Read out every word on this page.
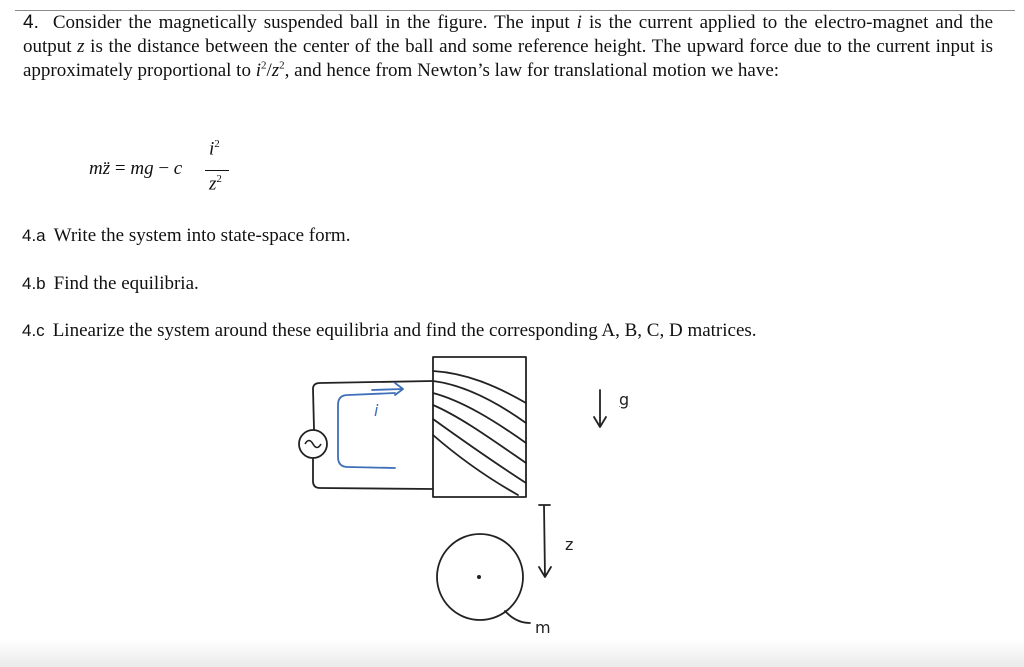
4. Consider the magnetically suspended ball in the figure. The input i is the current applied to the electro-magnet and the output z is the distance between the center of the ball and some reference height. The upward force due to the current input is approximately proportional to $i^2/z^2$, and hence from Newton’s law for translational motion we have:

mz̈ = mg − c
$i^2$
$z^2$
4.a Write the system into state-space form.
4.b Find the equilibria.
4.c Linearize the system around these equilibria and find the corresponding A, B, C, D matrices.
i
g
z
m
